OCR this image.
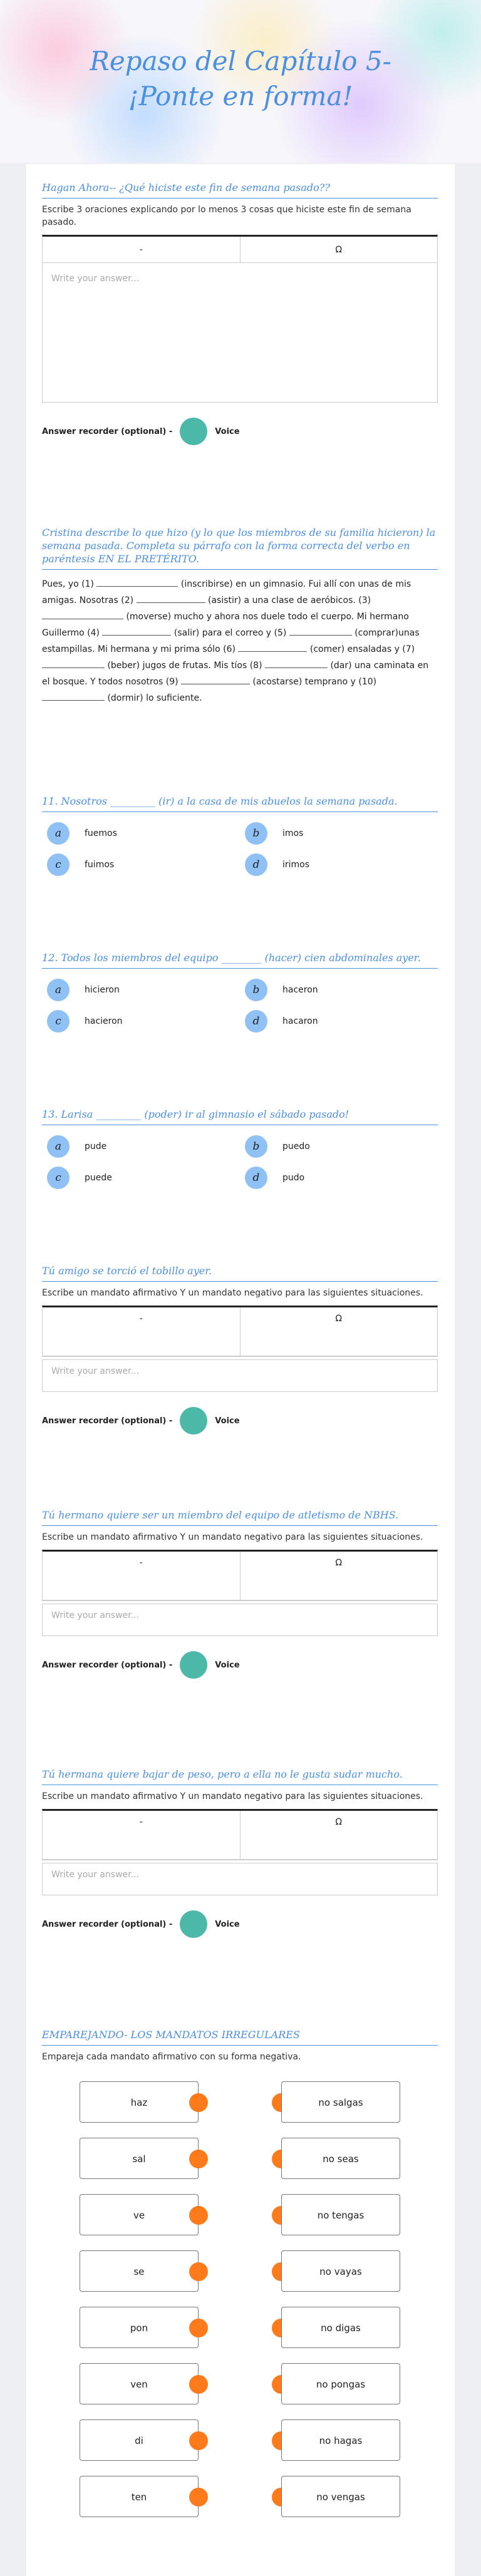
Repaso del Capítulo 5-
¡Ponte en forma!
Hagan Ahora-- ¿Qué hiciste este fin de semana pasado??
Escribe 3 oraciones explicando por lo menos 3 cosas que hiciste este fin de semana pasado.
-	Ω
Write your answer...
Answer recorder (optional) -	Voice
Cristina describe lo que hizo (y lo que los miembros de su familia hicieron) la semana pasada. Completa su párrafo con la forma correcta del verbo en paréntesis EN EL PRETÉRITO.
Pues, yo (1)	(inscribirse) en un gimnasio. Fui allí con unas de mis amigas. Nosotras (2)	(asistir) a una clase de aeróbicos. (3)  (moverse) mucho y ahora nos duele todo el cuerpo. Mi hermano Guillermo (4)	(salir) para el correo y (5)	(comprar)unas estampillas. Mi hermana y mi prima sólo (6)	(comer) ensaladas y (7)  (beber) jugos de frutas. Mis tíos (8)	(dar) una caminata en el bosque. Y todos nosotros (9)	(acostarse) temprano y (10)  (dormir) lo suficiente.
11. Nosotros _________ (ir) a la casa de mis abuelos la semana pasada.
a	fuemos	b	imos
c	fuimos	d	irimos
12. Todos los miembros del equipo ________ (hacer) cien abdominales ayer.
a	hicieron	b	haceron
c	hacieron	d	hacaron
13. Larisa _________ (poder) ir al gimnasio el sábado pasado!
a	pude	b	puedo
c	puede	d	pudo
Tú amigo se torció el tobillo ayer.
Escribe un mandato afirmativo Y un mandato negativo para las siguientes situaciones.
-	Ω
Write your answer...
Answer recorder (optional) -	Voice
Tú hermano quiere ser un miembro del equipo de atletismo de NBHS.
Escribe un mandato afirmativo Y un mandato negativo para las siguientes situaciones.
-	Ω
Write your answer...
Answer recorder (optional) -	Voice
Tú hermana quiere bajar de peso, pero a ella no le gusta sudar mucho.
Escribe un mandato afirmativo Y un mandato negativo para las siguientes situaciones.
-	Ω
Write your answer...
Answer recorder (optional) -	Voice
EMPAREJANDO- LOS MANDATOS IRREGULARES
Empareja cada mandato afirmativo con su forma negativa.
haz	no salgas
sal	no seas
ve	no tengas
se	no vayas
pon	no digas
ven	no pongas
di	no hagas
ten	no vengas
